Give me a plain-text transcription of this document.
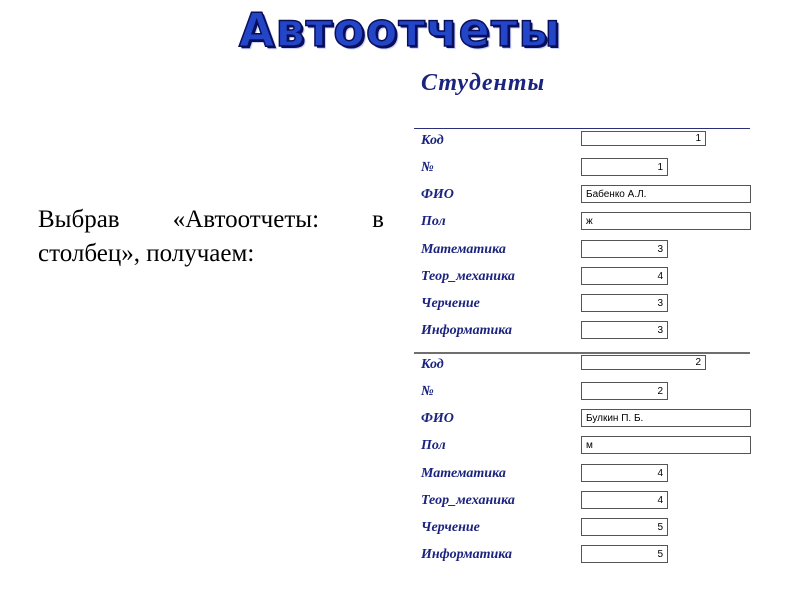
Автоотчеты
Выбрав «Автоотчеты: в столбец», получаем:
Студенты
Код	1
№	1
ФИО	Бабенко А.Л.
Пол	ж
Математика	3
Теор_механика	4
Черчение	3
Информатика	3
Код	2
№	2
ФИО	Булкин П. Б.
Пол	м
Математика	4
Теор_механика	4
Черчение	5
Информатика	5
